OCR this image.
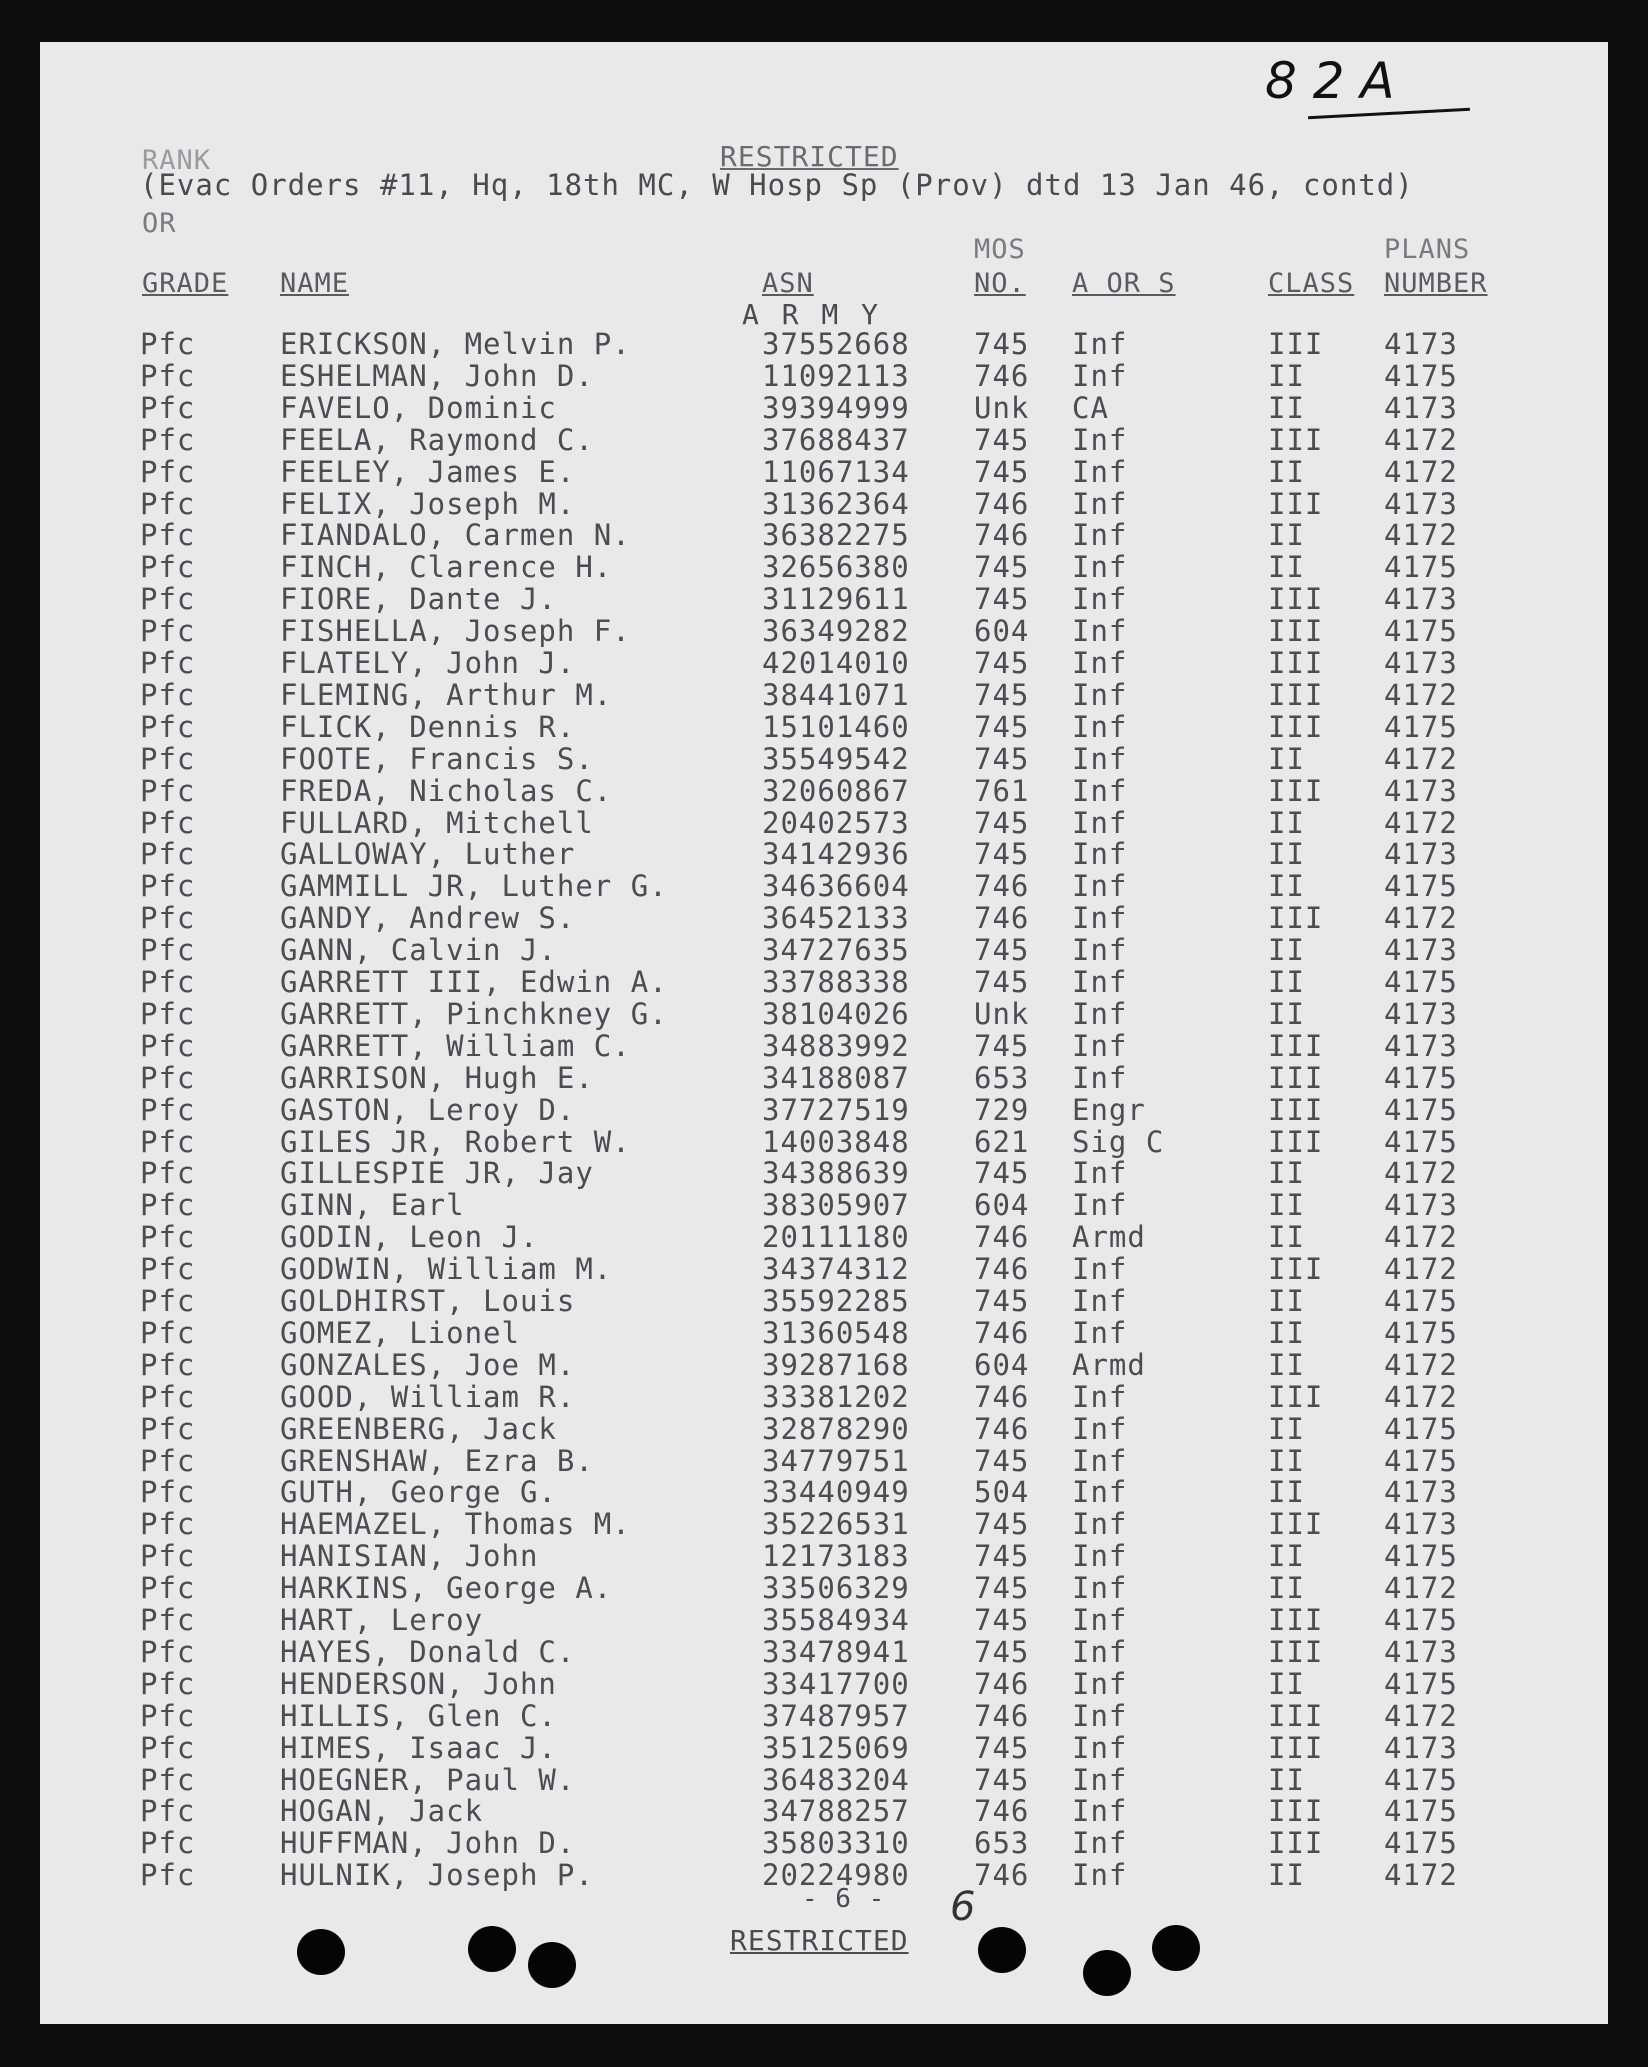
8 2 A
RESTRICTED
(Evac Orders #11, Hq, 18th MC, W Hosp Sp (Prov) dtd 13 Jan 46, contd)
RANK
OR
GRADE NAME	ASN
MOS
NO. A OR S	CLASS
PLANS
NUMBER
A R M Y
Pfc	ERICKSON, Melvin P.	37552668 745 Inf	III 4173
Pfc	ESHELMAN, John D.	11092113 746 Inf	II	4175
Pfc	FAVELO, Dominic	39394999 Unk CA	II	4173
Pfc	FEELA, Raymond C.	37688437 745 Inf	III 4172
Pfc	FEELEY, James E.	11067134 745 Inf	II	4172
Pfc	FELIX, Joseph M.	31362364 746 Inf	III 4173
Pfc	FIANDALO, Carmen N.	36382275 746 Inf	II	4172
Pfc	FINCH, Clarence H.	32656380 745 Inf	II	4175
Pfc	FIORE, Dante J.	31129611 745 Inf	III 4173
Pfc	FISHELLA, Joseph F.	36349282 604 Inf	III 4175
Pfc	FLATELY, John J.	42014010 745 Inf	III 4173
Pfc	FLEMING, Arthur M.	38441071 745 Inf	III 4172
Pfc	FLICK, Dennis R.	15101460 745 Inf	III 4175
Pfc	FOOTE, Francis S.	35549542 745 Inf	II	4172
Pfc	FREDA, Nicholas C.	32060867 761 Inf	III 4173
Pfc	FULLARD, Mitchell	20402573 745 Inf	II	4172
Pfc	GALLOWAY, Luther	34142936 745 Inf	II	4173
Pfc	GAMMILL JR, Luther G.	34636604 746 Inf	II	4175
Pfc	GANDY, Andrew S.	36452133 746 Inf	III 4172
Pfc	GANN, Calvin J.	34727635 745 Inf	II	4173
Pfc	GARRETT III, Edwin A.	33788338 745 Inf	II	4175
Pfc	GARRETT, Pinchkney G.	38104026 Unk Inf	II	4173
Pfc	GARRETT, William C.	34883992 745 Inf	III 4173
Pfc	GARRISON, Hugh E.	34188087 653 Inf	III 4175
Pfc	GASTON, Leroy D.	37727519 729 Engr	III 4175
Pfc	GILES JR, Robert W.	14003848 621 Sig C	III 4175
Pfc	GILLESPIE JR, Jay	34388639 745 Inf	II	4172
Pfc	GINN, Earl	38305907 604 Inf	II	4173
Pfc	GODIN, Leon J.	20111180 746 Armd	II	4172
Pfc	GODWIN, William M.	34374312 746 Inf	III 4172
Pfc	GOLDHIRST, Louis	35592285 745 Inf	II	4175
Pfc	GOMEZ, Lionel	31360548 746 Inf	II	4175
Pfc	GONZALES, Joe M.	39287168 604 Armd	II	4172
Pfc	GOOD, William R.	33381202 746 Inf	III 4172
Pfc	GREENBERG, Jack	32878290 746 Inf	II	4175
Pfc	GRENSHAW, Ezra B.	34779751 745 Inf	II	4175
Pfc	GUTH, George G.	33440949 504 Inf	II	4173
Pfc	HAEMAZEL, Thomas M.	35226531 745 Inf	III 4173
Pfc	HANISIAN, John	12173183 745 Inf	II	4175
Pfc	HARKINS, George A.	33506329 745 Inf	II	4172
Pfc	HART, Leroy	35584934 745 Inf	III 4175
Pfc	HAYES, Donald C.	33478941 745 Inf	III 4173
Pfc	HENDERSON, John	33417700 746 Inf	II	4175
Pfc	HILLIS, Glen C.	37487957 746 Inf	III 4172
Pfc	HIMES, Isaac J.	35125069 745 Inf	III 4173
Pfc	HOEGNER, Paul W.	36483204 745 Inf	II	4175
Pfc	HOGAN, Jack	34788257 746 Inf	III 4175
Pfc	HUFFMAN, John D.	35803310 653 Inf	III 4175
Pfc	HULNIK, Joseph P.	20224980 746 Inf	II	4172
- 6 -
RESTRICTED
6
